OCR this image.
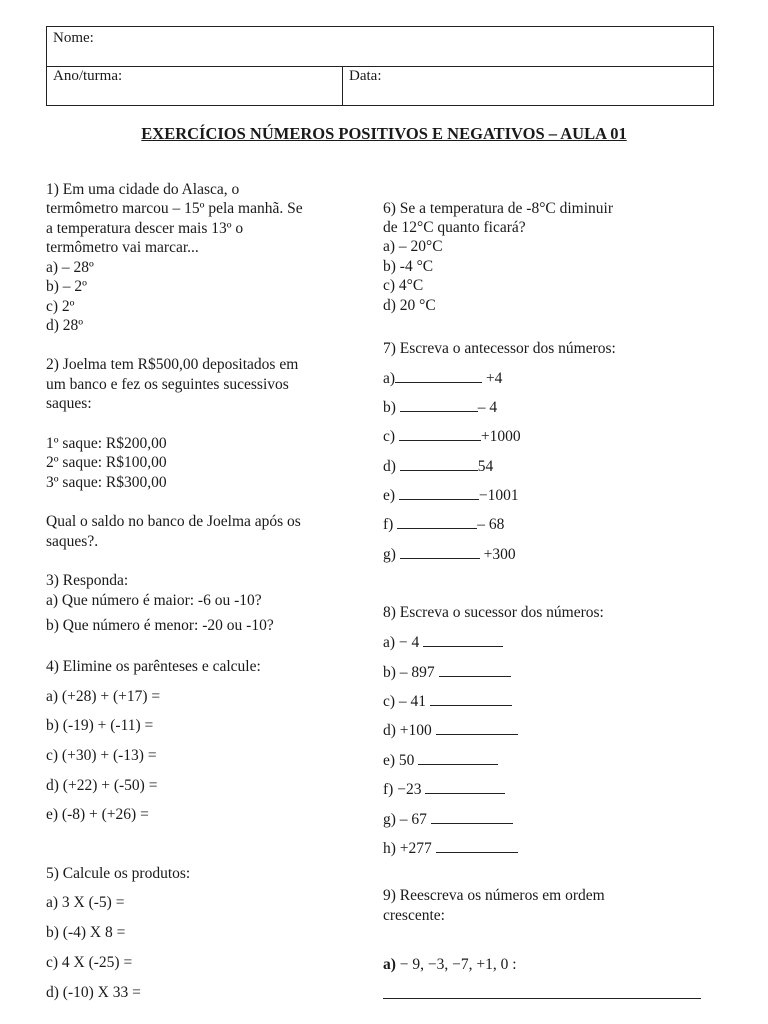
Nome:
Ano/turma:	Data:
EXERCÍCIOS NÚMEROS POSITIVOS E NEGATIVOS – AULA 01
1) Em uma cidade do Alasca, o
termômetro marcou – 15º pela manhã. Se
a temperatura descer mais 13º o
termômetro vai marcar...
a) – 28º
b) – 2º
c) 2º
d) 28º
2) Joelma tem R$500,00 depositados em
um banco e fez os seguintes sucessivos
saques:
1º saque: R$200,00
2º saque: R$100,00
3º saque: R$300,00
Qual o saldo no banco de Joelma após os
saques?.
3) Responda:
a) Que número é maior: -6 ou -10?
b) Que número é menor: -20 ou -10?
4) Elimine os parênteses e calcule:
a) (+28) + (+17) =
b) (-19) + (-11) =
c) (+30) + (-13) =
d) (+22) + (-50) =
e) (-8) + (+26) =
5) Calcule os produtos:
a) 3 X (-5) =
b) (-4) X 8 =
c) 4 X (-25) =
d) (-10) X 33 =
6) Se a temperatura de -8°C diminuir
de 12°C quanto ficará?
a) – 20°C
b) -4 °C
c) 4°C
d) 20 °C
7) Escreva o antecessor dos números:
a)	+4
b)	– 4
c)	+1000
d)	54
e)	−1001
f)	– 68
g)	+300
8) Escreva o sucessor dos números:
a) − 4
b) – 897
c) – 41
d) +100
e) 50
f) −23
g) – 67
h) +277
9) Reescreva os números em ordem
crescente:
a) − 9, −3, −7, +1, 0 :
